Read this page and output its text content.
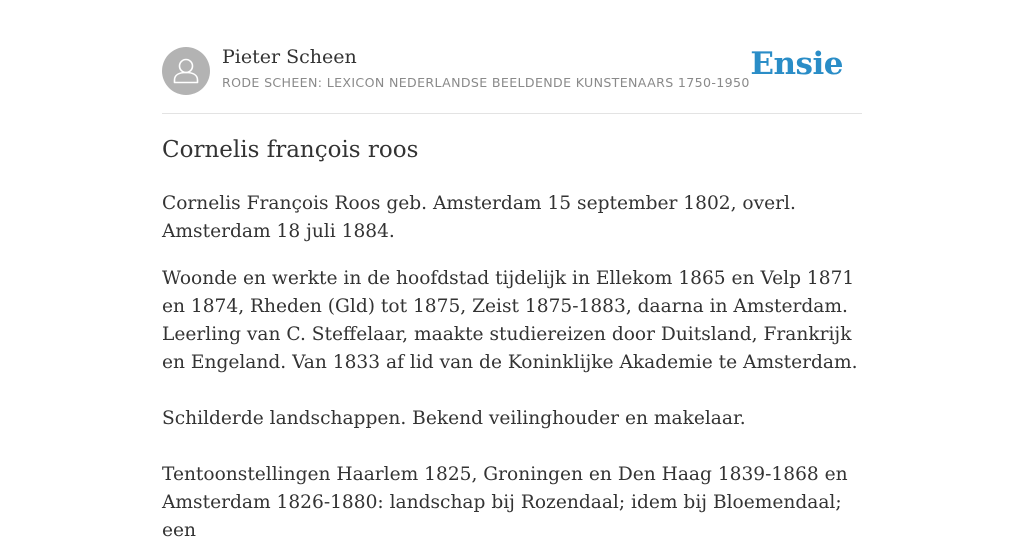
Pieter Scheen
RODE SCHEEN: LEXICON NEDERLANDSE BEELDENDE KUNSTENAARS 1750-1950
Ensie
Cornelis françois roos

Cornelis François Roos geb. Amsterdam 15 september 1802, overl. Amsterdam 18 juli 1884.

Woonde en werkte in de hoofdstad tijdelijk in Ellekom 1865 en Velp 1871 en 1874, Rheden (Gld) tot 1875, Zeist 1875-1883, daarna in Amsterdam. Leerling van C. Steffelaar, maakte studiereizen door Duitsland, Frankrijk en Engeland. Van 1833 af lid van de Koninklijke Akademie te Amsterdam.

Schilderde landschappen. Bekend veilinghouder en makelaar.

Tentoonstellingen Haarlem 1825, Groningen en Den Haag 1839-1868 en Amsterdam 1826-1880: landschap bij Rozendaal; idem bij Bloemendaal; een
